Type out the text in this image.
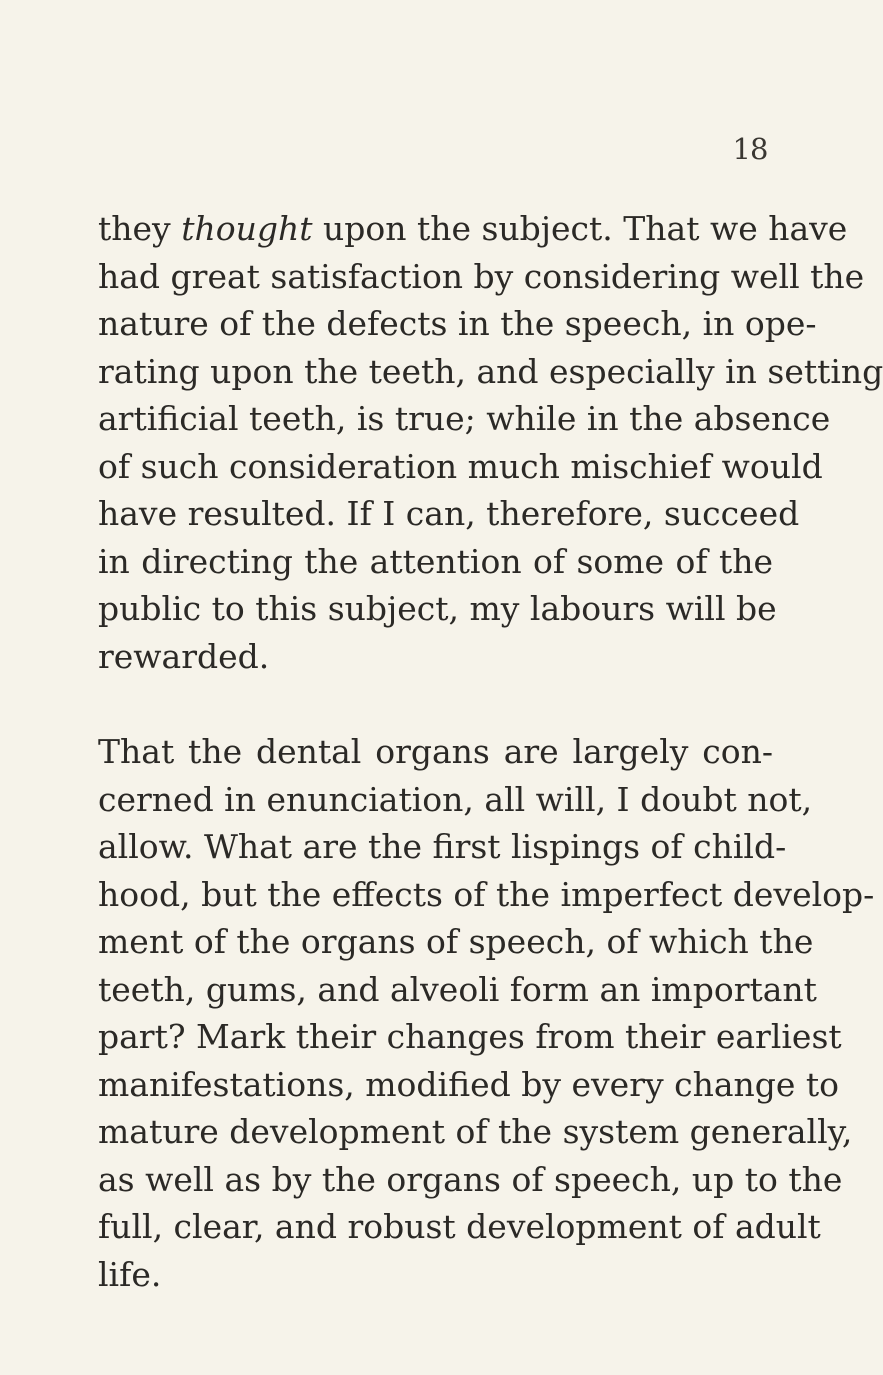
18
they thought upon the subject. That we have
had great satisfaction by considering well the
nature of the defects in the speech, in ope-
rating upon the teeth, and especially in setting
artificial teeth, is true; while in the absence
of such consideration much mischief would
have resulted. If I can, therefore, succeed
in directing the attention of some of the
public to this subject, my labours will be
rewarded.
That the dental organs are largely con-
cerned in enunciation, all will, I doubt not,
allow. What are the first lispings of child-
hood, but the effects of the imperfect develop-
ment of the organs of speech, of which the
teeth, gums, and alveoli form an important
part? Mark their changes from their earliest
manifestations, modified by every change to
mature development of the system generally,
as well as by the organs of speech, up to the
full, clear, and robust development of adult
life.
